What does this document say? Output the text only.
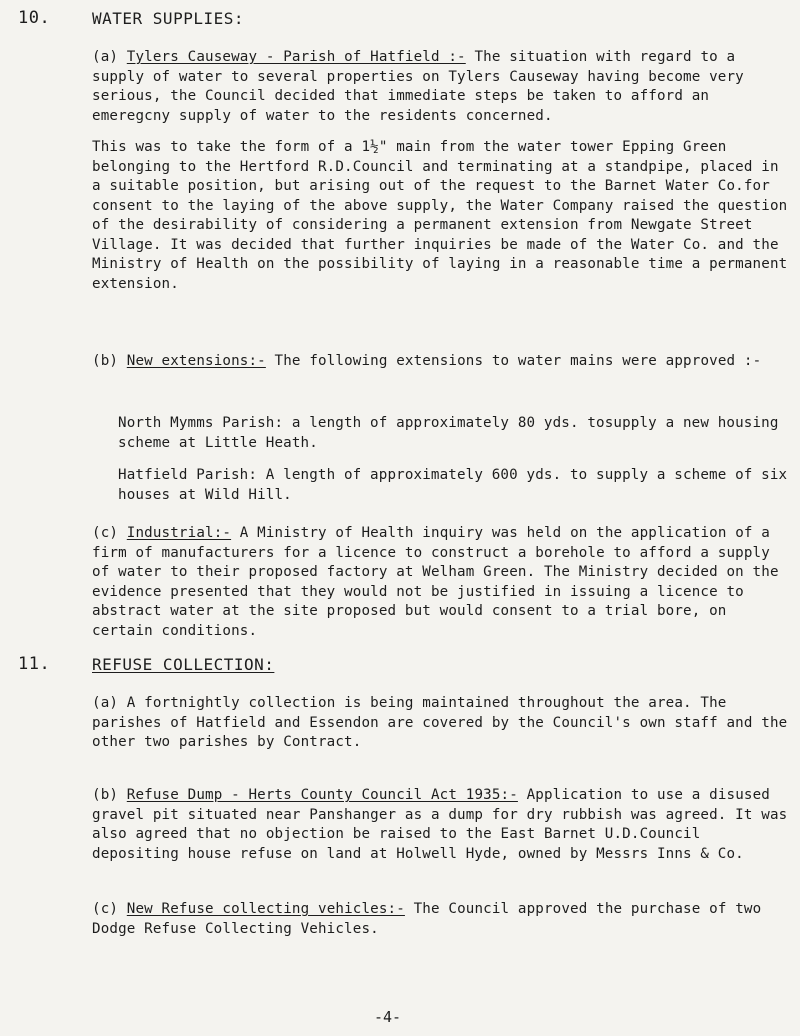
10.	WATER SUPPLIES:

(a) Tylers Causeway - Parish of Hatfield :- The situation with regard to a supply of water to several properties on Tylers Causeway having become very serious, the Council decided that immediate steps be taken to afford an emeregcny supply of water to the residents concerned.

This was to take the form of a 1½" main from the water tower Epping Green belonging to the Hertford R.D.Council and terminating at a standpipe, placed in a suitable position, but arising out of the request to the Barnet Water Co.for consent to the laying of the above supply, the Water Company raised the question of the desirability of considering a permanent extension from Newgate Street Village. It was decided that further inquiries be made of the Water Co. and the Ministry of Health on the possibility of laying in a reasonable time a permanent extension.

(b) New extensions:- The following extensions to water mains were approved :-

North Mymms Parish: a length of approximately 80 yds. tosupply a new housing scheme at Little Heath.

Hatfield Parish: A length of approximately 600 yds. to supply a scheme of six houses at Wild Hill.

(c) Industrial:- A Ministry of Health inquiry was held on the application of a firm of manufacturers for a licence to construct a borehole to afford a supply of water to their proposed factory at Welham Green. The Ministry decided on the evidence presented that they would not be justified in issuing a licence to abstract water at the site proposed but would consent to a trial bore, on certain conditions.

11.	REFUSE COLLECTION:

(a) A fortnightly collection is being maintained throughout the area. The parishes of Hatfield and Essendon are covered by the Council's own staff and the other two parishes by Contract.

(b) Refuse Dump - Herts County Council Act 1935:- Application to use a disused gravel pit situated near Panshanger as a dump for dry rubbish was agreed. It was also agreed that no objection be raised to the East Barnet U.D.Council depositing house refuse on land at Holwell Hyde, owned by Messrs Inns & Co.

(c) New Refuse collecting vehicles:- The Council approved the purchase of two Dodge Refuse Collecting Vehicles.

-4-
